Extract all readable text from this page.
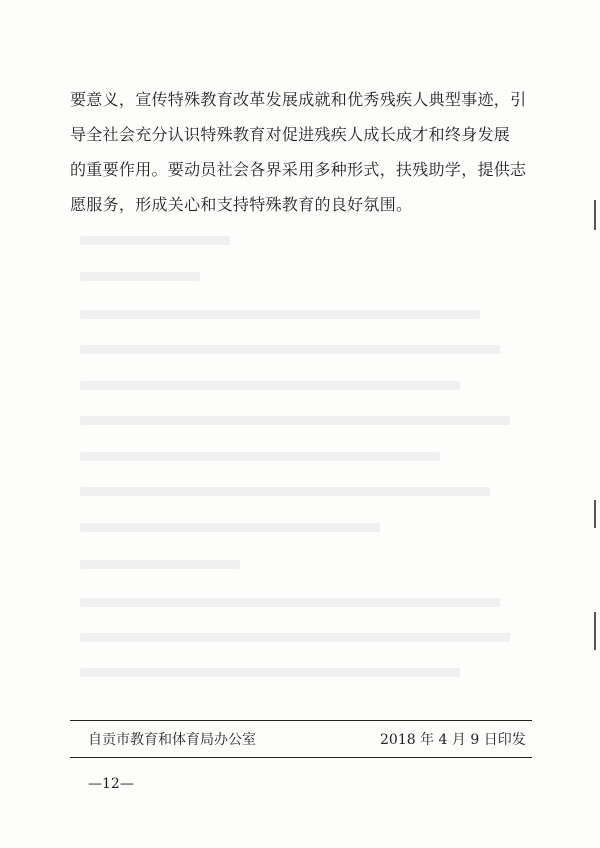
要意义，宣传特殊教育改革发展成就和优秀残疾人典型事迹，引
导全社会充分认识特殊教育对促进残疾人成长成才和终身发展
的重要作用。要动员社会各界采用多种形式，扶残助学，提供志
愿服务，形成关心和支持特殊教育的良好氛围。
自贡市教育和体育局办公室	2018 年 4 月 9 日印发
—12—
